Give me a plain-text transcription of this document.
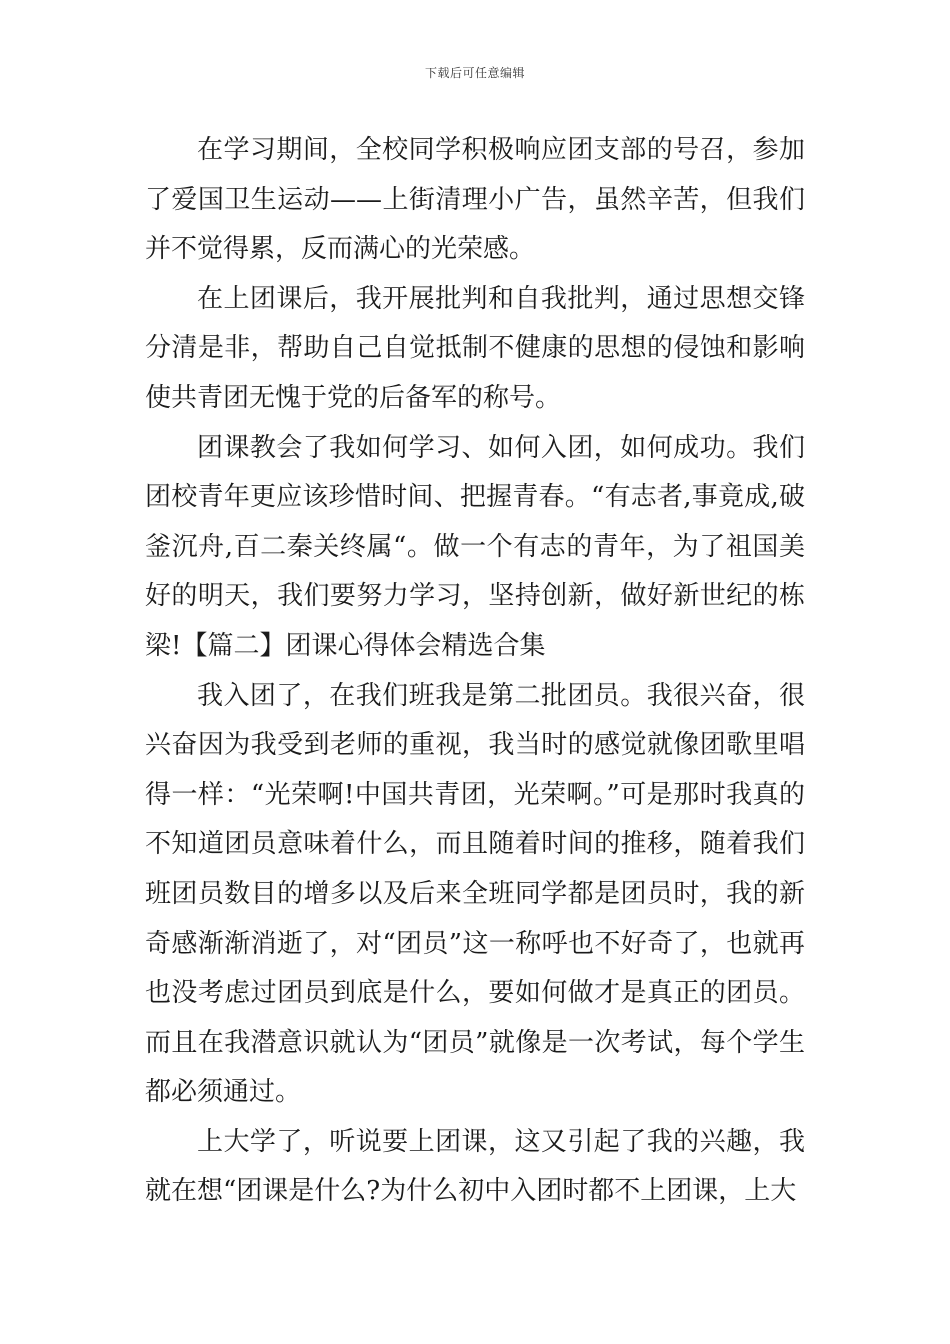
下载后可任意编辑

在学习期间，全校同学积极响应团支部的号召，参加了爱国卫生运动——上街清理小广告，虽然辛苦，但我们并不觉得累，反而满心的光荣感。

在上团课后，我开展批判和自我批判，通过思想交锋分清是非，帮助自己自觉抵制不健康的思想的侵蚀和影响使共青团无愧于党的后备军的称号。

团课教会了我如何学习、如何入团，如何成功。我们团校青年更应该珍惜时间、把握青春。“有志者,事竟成,破釜沉舟,百二秦关终属“。做一个有志的青年，为了祖国美好的明天，我们要努力学习，坚持创新，做好新世纪的栋梁!【篇二】团课心得体会精选合集

我入团了，在我们班我是第二批团员。我很兴奋，很兴奋因为我受到老师的重视，我当时的感觉就像团歌里唱得一样：“光荣啊!中国共青团，光荣啊。”可是那时我真的不知道团员意味着什么，而且随着时间的推移，随着我们班团员数目的增多以及后来全班同学都是团员时，我的新奇感渐渐消逝了，对“团员”这一称呼也不好奇了，也就再也没考虑过团员到底是什么，要如何做才是真正的团员。而且在我潜意识就认为“团员”就像是一次考试，每个学生都必须通过。

上大学了，听说要上团课，这又引起了我的兴趣，我就在想“团课是什么?为什么初中入团时都不上团课，上大
